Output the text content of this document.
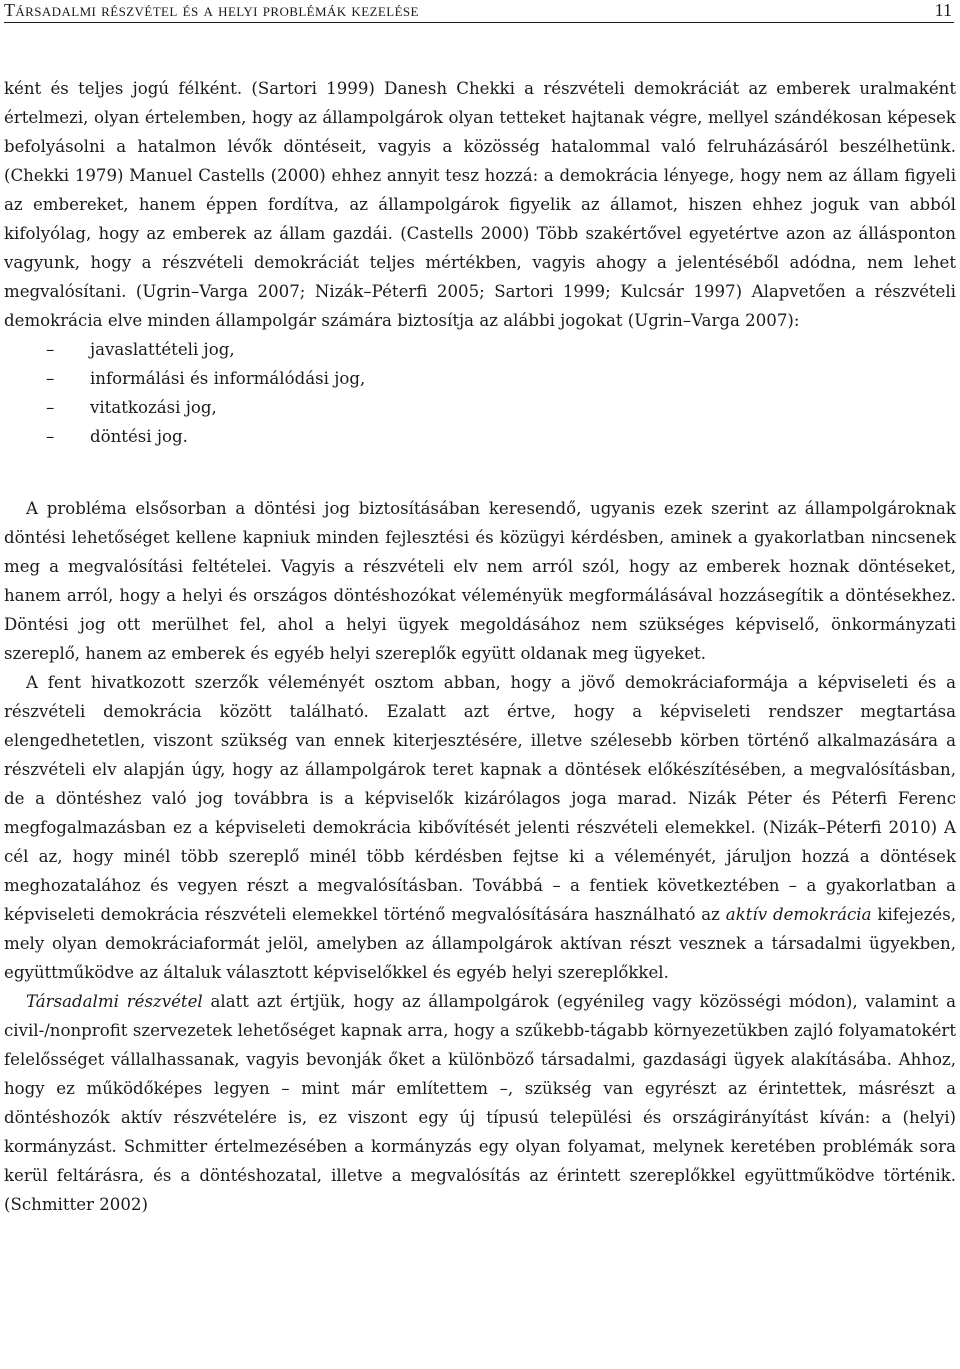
Társadalmi részvétel és a helyi problémák kezelése	11

ként és teljes jogú félként. (Sartori 1999) Danesh Chekki a részvételi demokráciát az emberek uralmaként értelmezi, olyan értelemben, hogy az állampolgárok olyan tetteket hajtanak végre, mellyel szándékosan képesek befolyásolni a hatalmon lévők döntéseit, vagyis a közösség hatalommal való felruházásáról beszélhetünk. (Chekki 1979) Manuel Castells (2000) ehhez annyit tesz hozzá: a demokrácia lényege, hogy nem az állam figyeli az embereket, hanem éppen fordítva, az állampolgárok figyelik az államot, hiszen ehhez joguk van abból kifolyólag, hogy az emberek az állam gazdái. (Castells 2000) Több szakértővel egyetértve azon az állásponton vagyunk, hogy a részvételi demokráciát teljes mértékben, vagyis ahogy a jelentéséből adódna, nem lehet megvalósítani. (Ugrin–Varga 2007; Nizák–Péterfi 2005; Sartori 1999; Kulcsár 1997) Alapvetően a részvételi demokrácia elve minden állampolgár számára biztosítja az alábbi jogokat (Ugrin–Varga 2007):

–	javaslattételi jog,
–	informálási és informálódási jog,
–	vitatkozási jog,
–	döntési jog.

A probléma elsősorban a döntési jog biztosításában keresendő, ugyanis ezek szerint az állampolgároknak döntési lehetőséget kellene kapniuk minden fejlesztési és közügyi kérdésben, aminek a gyakorlatban nincsenek meg a megvalósítási feltételei. Vagyis a részvételi elv nem arról szól, hogy az emberek hoznak döntéseket, hanem arról, hogy a helyi és országos döntéshozókat véleményük megformálásával hozzásegítik a döntésekhez. Döntési jog ott merülhet fel, ahol a helyi ügyek megoldásához nem szükséges képviselő, önkormányzati szereplő, hanem az emberek és egyéb helyi szereplők együtt oldanak meg ügyeket.

A fent hivatkozott szerzők véleményét osztom abban, hogy a jövő demokráciaformája a képviseleti és a részvételi demokrácia között található. Ezalatt azt értve, hogy a képviseleti rendszer megtartása elengedhetetlen, viszont szükség van ennek kiterjesztésére, illetve szélesebb körben történő alkalmazására a részvételi elv alapján úgy, hogy az állampolgárok teret kapnak a döntések előkészítésében, a megvalósításban, de a döntéshez való jog továbbra is a képviselők kizárólagos joga marad. Nizák Péter és Péterfi Ferenc megfogalmazásban ez a képviseleti demokrácia kibővítését jelenti részvételi elemekkel. (Nizák–Péterfi 2010) A cél az, hogy minél több szereplő minél több kérdésben fejtse ki a véleményét, járuljon hozzá a döntések meghozatalához és vegyen részt a megvalósításban. Továbbá – a fentiek következtében – a gyakorlatban a képviseleti demokrácia részvételi elemekkel történő megvalósítására használható az aktív demokrácia kifejezés, mely olyan demokráciaformát jelöl, amelyben az állampolgárok aktívan részt vesznek a társadalmi ügyekben, együttműködve az általuk választott képviselőkkel és egyéb helyi szereplőkkel.

Társadalmi részvétel alatt azt értjük, hogy az állampolgárok (egyénileg vagy közösségi módon), valamint a civil-/nonprofit szervezetek lehetőséget kapnak arra, hogy a szűkebb-tágabb környezetükben zajló folyamatokért felelősséget vállalhassanak, vagyis bevonják őket a különböző társadalmi, gazdasági ügyek alakításába. Ahhoz, hogy ez működőképes legyen – mint már említettem –, szükség van egyrészt az érintettek, másrészt a döntéshozók aktív részvételére is, ez viszont egy új típusú települési és országirányítást kíván: a (helyi) kormányzást. Schmitter értelmezésében a kormányzás egy olyan folyamat, melynek keretében problémák sora kerül feltárásra, és a döntéshozatal, illetve a megvalósítás az érintett szereplőkkel együttműködve történik. (Schmitter 2002)
